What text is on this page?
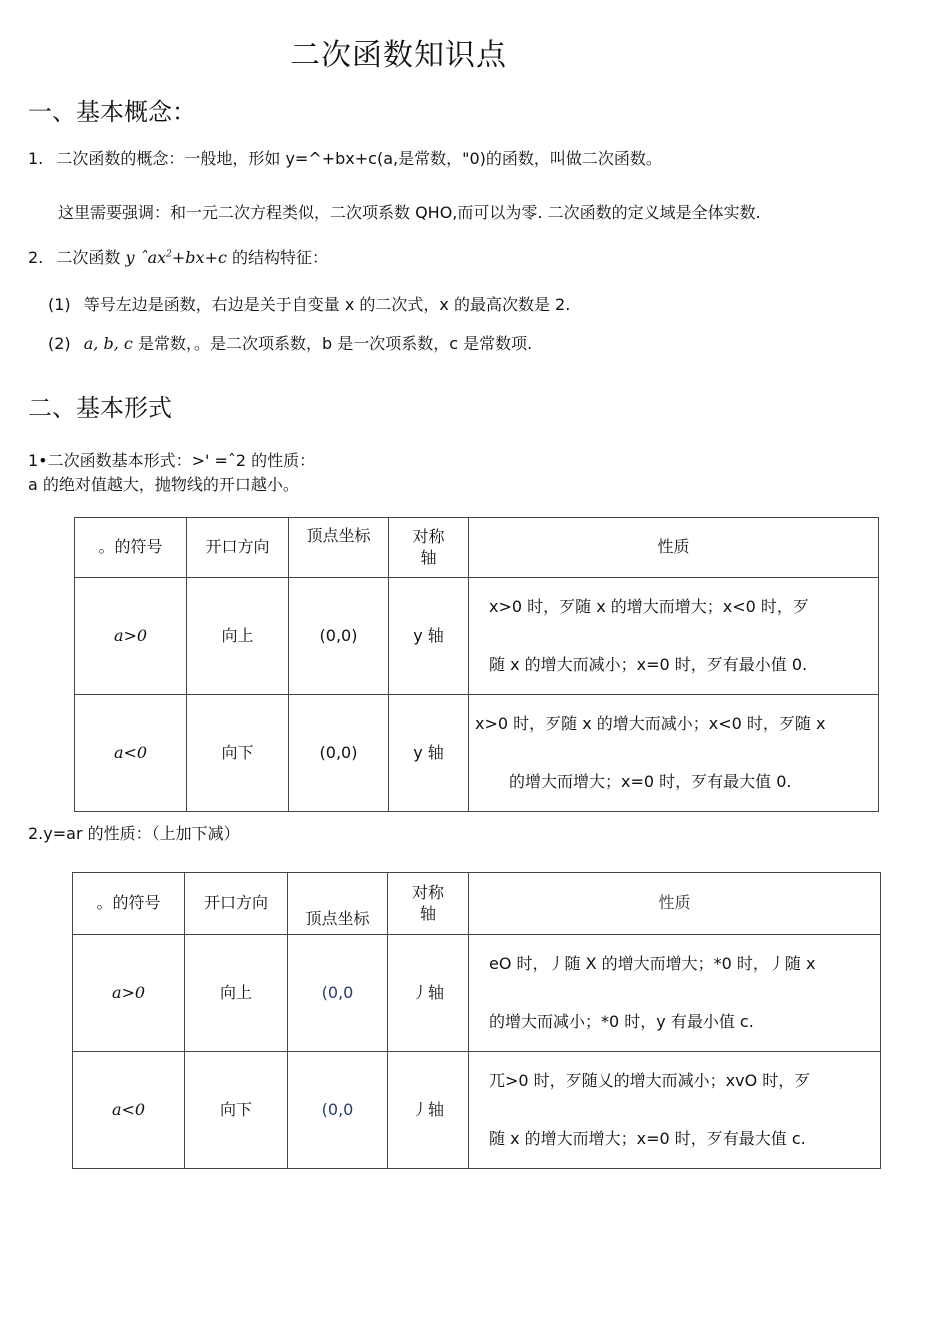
二次函数知识点
一、基本概念：
1. 二次函数的概念：一般地，形如 y=^+bx+c(a,是常数，"0)的函数，叫做二次函数。
这里需要强调：和一元二次方程类似，二次项系数 QHO,而可以为零. 二次函数的定义域是全体实数.
2. 二次函数 y ˆax$^2$+bx+c 的结构特征：
(1) 等号左边是函数，右边是关于自变量 x 的二次式，x 的最高次数是 2.
(2) a, b, c 是常数，。是二次项系数，b 是一次项系数，c 是常数项.
二、基本形式
1•二次函数基本形式：>' =ˆ2 的性质：
a 的绝对值越大，抛物线的开口越小。
。的符号	开口方向	顶点坐标	对称轴	性质
a>0	向上	(0,0)	y 轴	x>0 时，歹随 x 的增大而增大；x<0 时，歹
随 x 的增大而减小；x=0 时，歹有最小值 0.

a<0	向下	(0,0)	y 轴	x>0 时，歹随 x 的增大而减小；x<0 时，歹随 x
的增大而增大；x=0 时，歹有最大值 0.
2.y=ar 的性质：（上加下减）
。的符号	开口方向	顶点坐标	对称轴	性质
a>0	向上	(0,0	丿轴	eO 时，丿随 X 的增大而增大；*0 时，丿随 x
的增大而减小；*0 时，y 有最小值 c.

a<0	向下	(0,0	丿轴	兀>0 时，歹随乂的增大而减小；xvO 时，歹
随 x 的增大而增大；x=0 时，歹有最大值 c.
